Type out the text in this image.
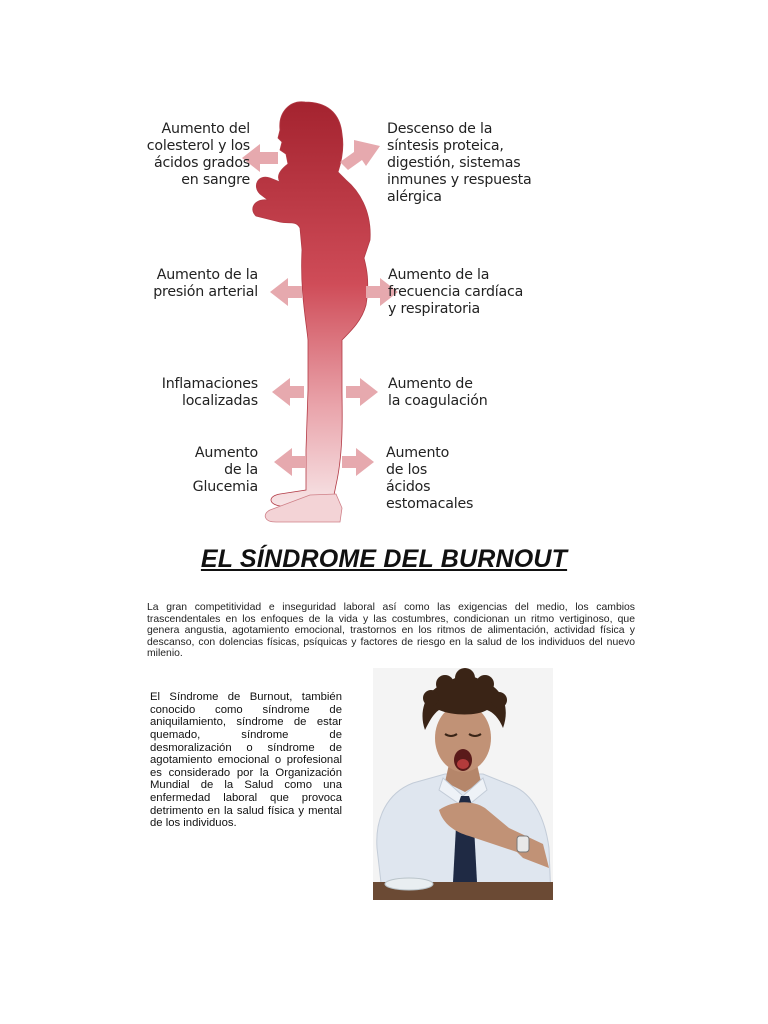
Aumento del
colesterol y los
ácidos grados
en sangre
Aumento de la
presión arterial
Inflamaciones
localizadas
Aumento
de la
Glucemia
Descenso de la
síntesis proteica,
digestión, sistemas
inmunes y respuesta
alérgica
Aumento de la
frecuencia cardíaca
y respiratoria
Aumento de
la coagulación
Aumento
de los
ácidos
estomacales
EL SÍNDROME DEL BURNOUT

La gran competitividad e inseguridad laboral así como las exigencias del medio, los cambios trascendentales en los enfoques de la vida y las costumbres, condicionan un ritmo vertiginoso, que genera angustia, agotamiento emocional, trastornos en los ritmos de alimentación, actividad física y descanso, con dolencias físicas, psíquicas y factores de riesgo en la salud de los individuos del nuevo milenio.

El Síndrome de Burnout, también conocido como síndrome de aniquilamiento, síndrome de estar quemado, síndrome de desmoralización o síndrome de agotamiento emocional o profesional es considerado por la Organización Mundial de la Salud como una enfermedad laboral que provoca detrimento en la salud física y mental de los individuos.
